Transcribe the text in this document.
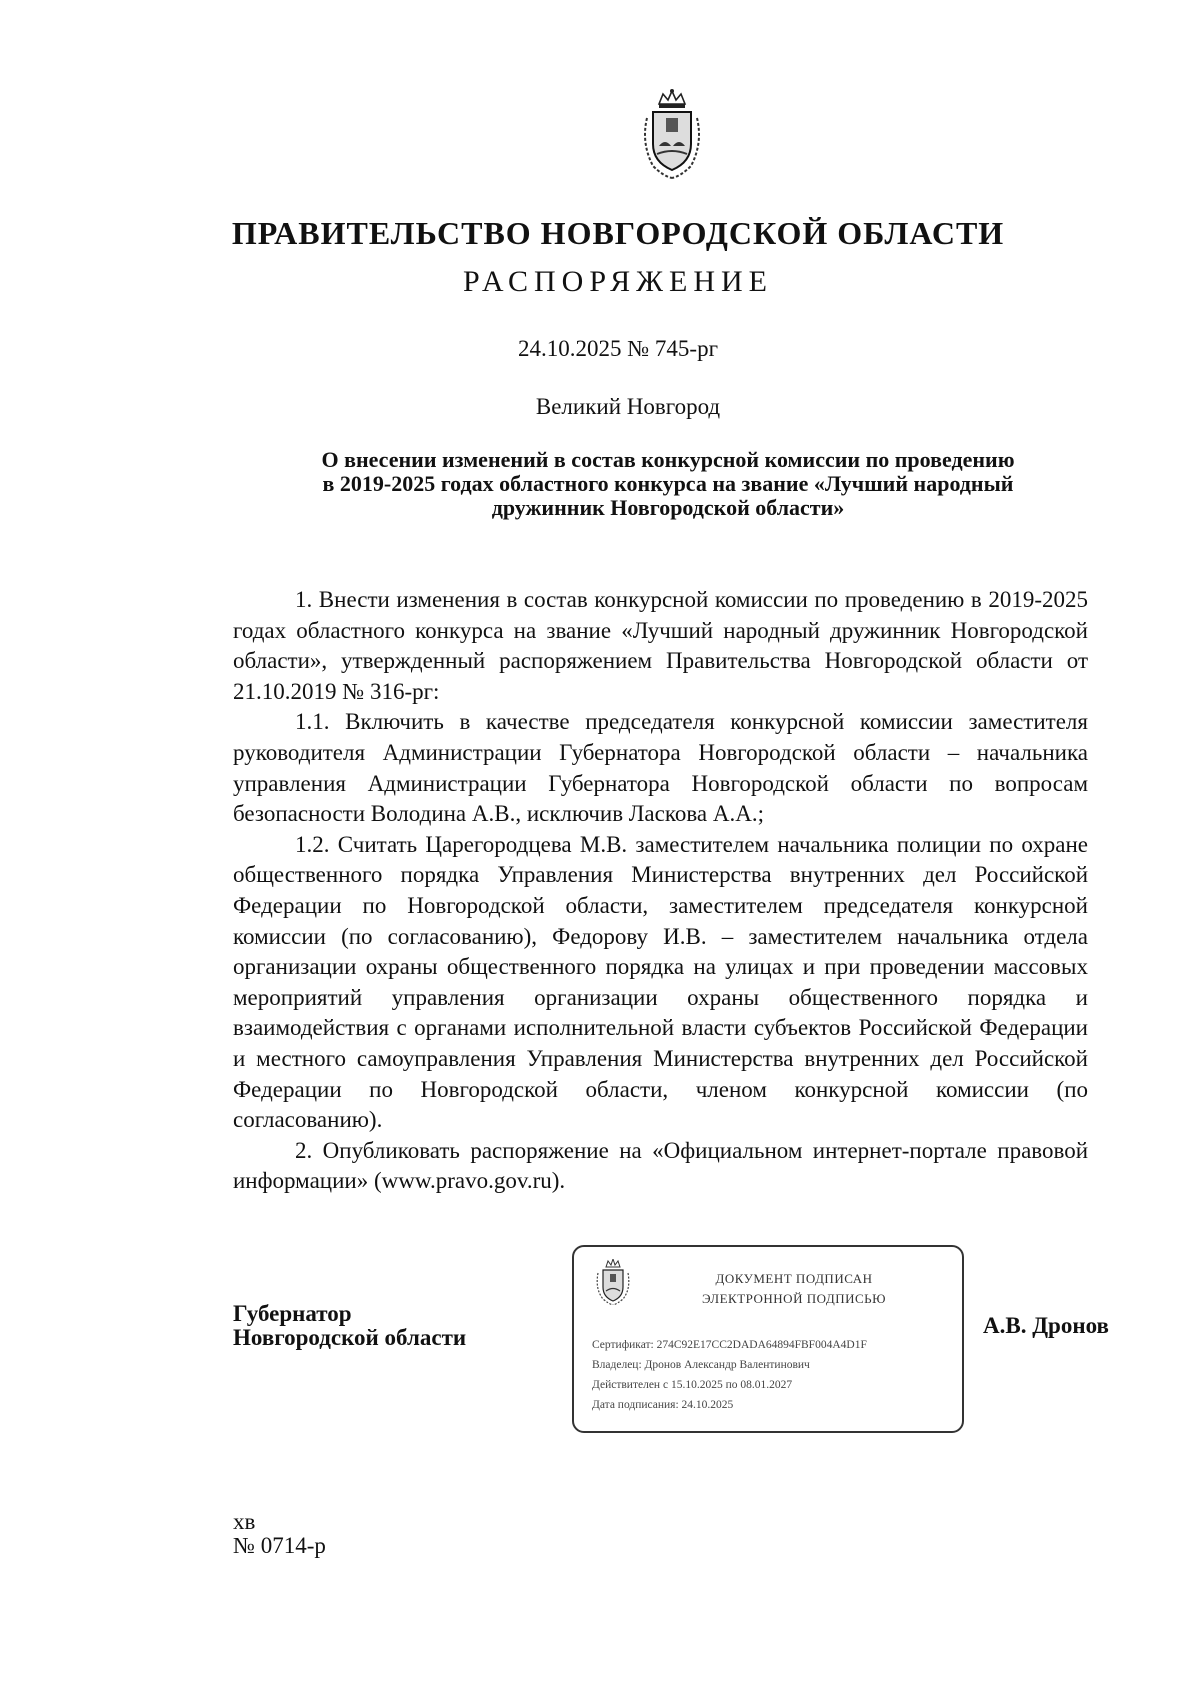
ПРАВИТЕЛЬСТВО НОВГОРОДСКОЙ ОБЛАСТИ
РАСПОРЯЖЕНИЕ
24.10.2025 № 745-рг
Великий Новгород
О внесении изменений в состав конкурсной комиссии по проведению
в 2019-2025 годах областного конкурса на звание «Лучший народный
дружинник Новгородской области»

1. Внести изменения в состав конкурсной комиссии по проведению в 2019-2025 годах областного конкурса на звание «Лучший народный дружинник Новгородской области», утвержденный распоряжением Правительства Новгородской области от 21.10.2019 № 316-рг:

1.1. Включить в качестве председателя конкурсной комиссии заместителя руководителя Администрации Губернатора Новгородской области – начальника управления Администрации Губернатора Новгородской области по вопросам безопасности Володина А.В., исключив Ласкова А.А.;

1.2. Считать Царегородцева М.В. заместителем начальника полиции по охране общественного порядка Управления Министерства внутренних дел Российской Федерации по Новгородской области, заместителем председателя конкурсной комиссии (по согласованию), Федорову И.В. – заместителем начальника отдела организации охраны общественного порядка на улицах и при проведении массовых мероприятий управления организации охраны общественного порядка и взаимодействия с органами исполнительной власти субъектов Российской Федерации и местного самоуправления Управления Министерства внутренних дел Российской Федерации по Новгородской области, членом конкурсной комиссии (по согласованию).

2. Опубликовать распоряжение на «Официальном интернет-портале правовой информации» (www.pravo.gov.ru).

Губернатор
Новгородской области
ДОКУМЕНТ ПОДПИСАН
ЭЛЕКТРОННОЙ ПОДПИСЬЮ
Сертификат: 274C92E17CC2DADA64894FBF004A4D1F
Владелец: Дронов Александр Валентинович
Действителен с 15.10.2025 по 08.01.2027
Дата подписания: 24.10.2025
А.В. Дронов
хв
№ 0714-р
